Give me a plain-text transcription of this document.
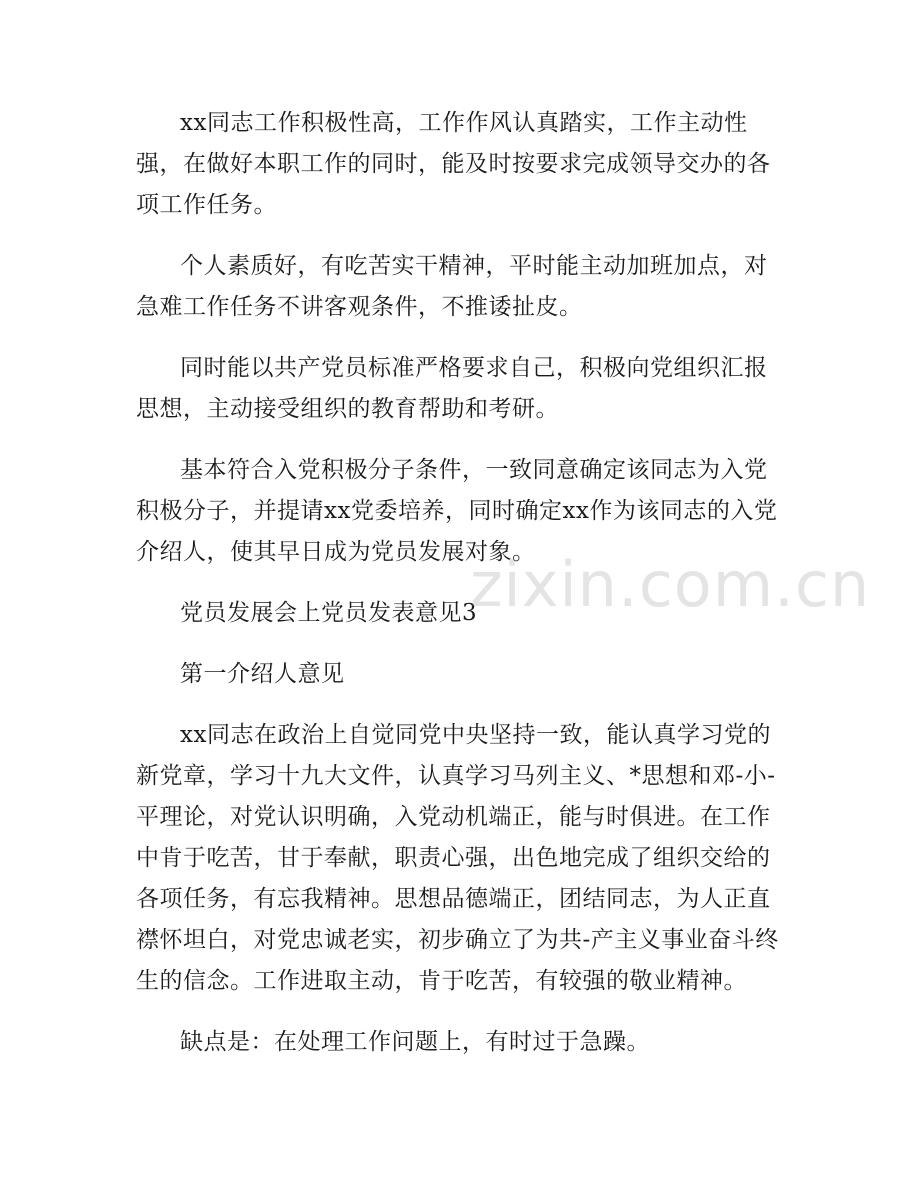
xx同志工作积极性高，工作作风认真踏实，工作主动性强，在做好本职工作的同时，能及时按要求完成领导交办的各项工作任务。

个人素质好，有吃苦实干精神，平时能主动加班加点，对急难工作任务不讲客观条件，不推诿扯皮。

同时能以共产党员标准严格要求自己，积极向党组织汇报思想，主动接受组织的教育帮助和考研。

基本符合入党积极分子条件，一致同意确定该同志为入党积极分子，并提请xx党委培养，同时确定xx作为该同志的入党介绍人，使其早日成为党员发展对象。

党员发展会上党员发表意见3

第一介绍人意见

xx同志在政治上自觉同党中央坚持一致，能认真学习党的新党章，学习十九大文件，认真学习马列主义、*思想和邓-小-平理论，对党认识明确，入党动机端正，能与时俱进。在工作中肯于吃苦，甘于奉献，职责心强，出色地完成了组织交给的各项任务，有忘我精神。思想品德端正，团结同志，为人正直襟怀坦白，对党忠诚老实，初步确立了为共-产主义事业奋斗终生的信念。工作进取主动，肯于吃苦，有较强的敬业精神。

缺点是：在处理工作问题上，有时过于急躁。

zixin.com.cn
